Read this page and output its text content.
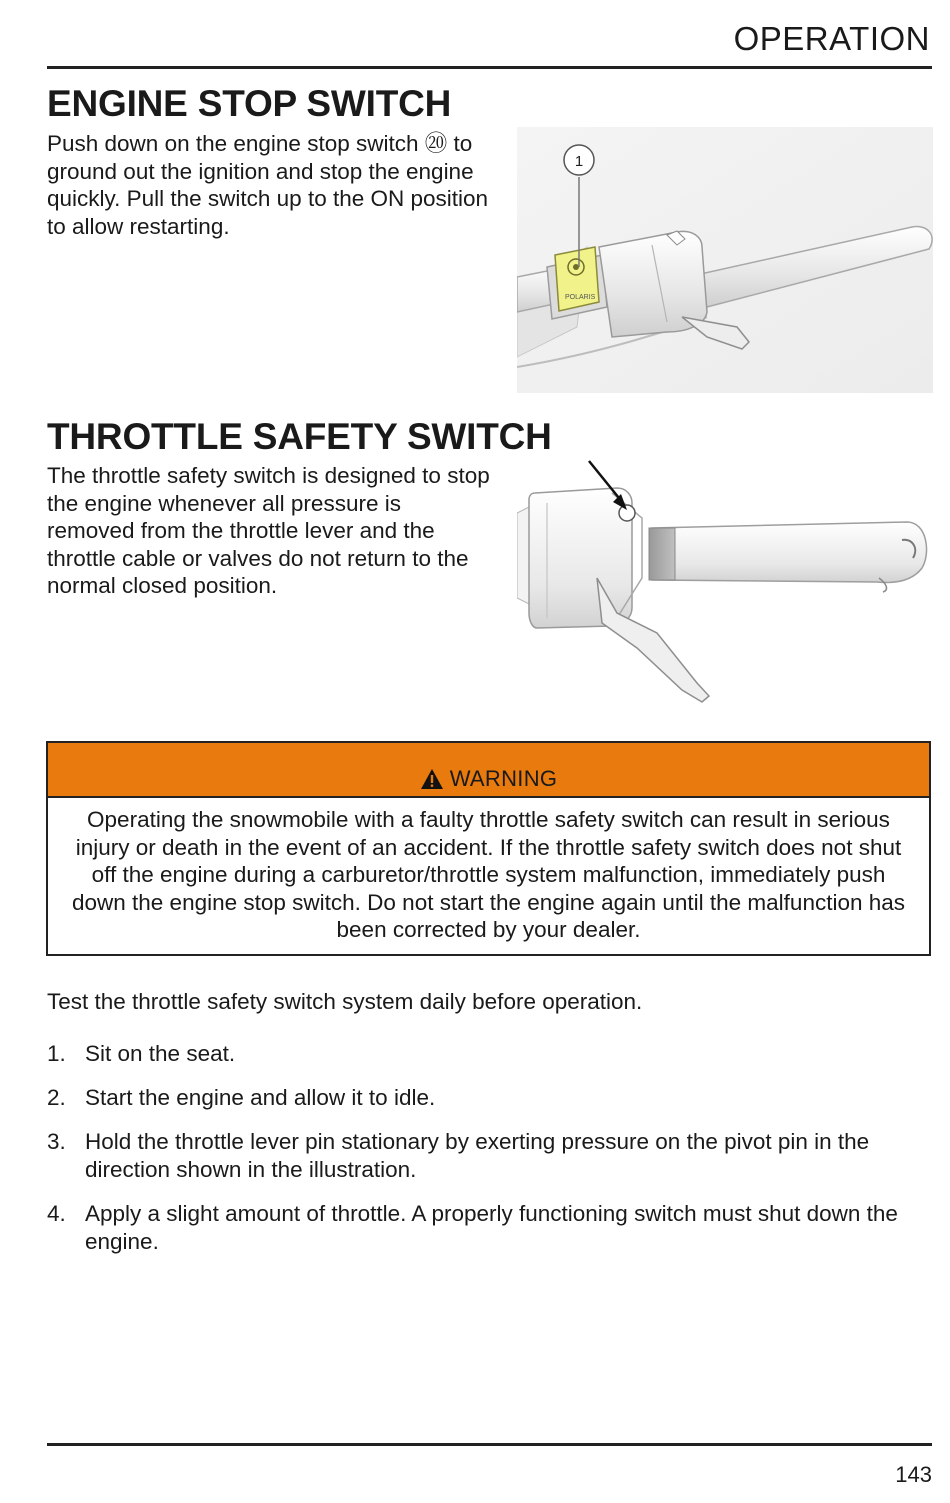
OPERATION
ENGINE STOP SWITCH

Push down on the engine stop switch ⑳ to ground out the ignition and stop the engine quickly. Pull the switch up to the ON position to allow restarting.

POLARIS
1
THROTTLE SAFETY SWITCH

The throttle safety switch is designed to stop the engine whenever all pressure is removed from the throttle lever and the throttle cable or valves do not return to the normal closed position.

WARNING
Operating the snowmobile with a faulty throttle safety switch can result in serious injury or death in the event of an accident. If the throttle safety switch does not shut off the engine during a carburetor/throttle system malfunction, immediately push down the engine stop switch. Do not start the engine again until the malfunction has been corrected by your dealer.

Test the throttle safety switch system daily before operation.

1. Sit on the seat.
2. Start the engine and allow it to idle.
3. Hold the throttle lever pin stationary by exerting pressure on the pivot pin in the direction shown in the illustration.
4. Apply a slight amount of throttle. A properly functioning switch must shut down the engine.
143
